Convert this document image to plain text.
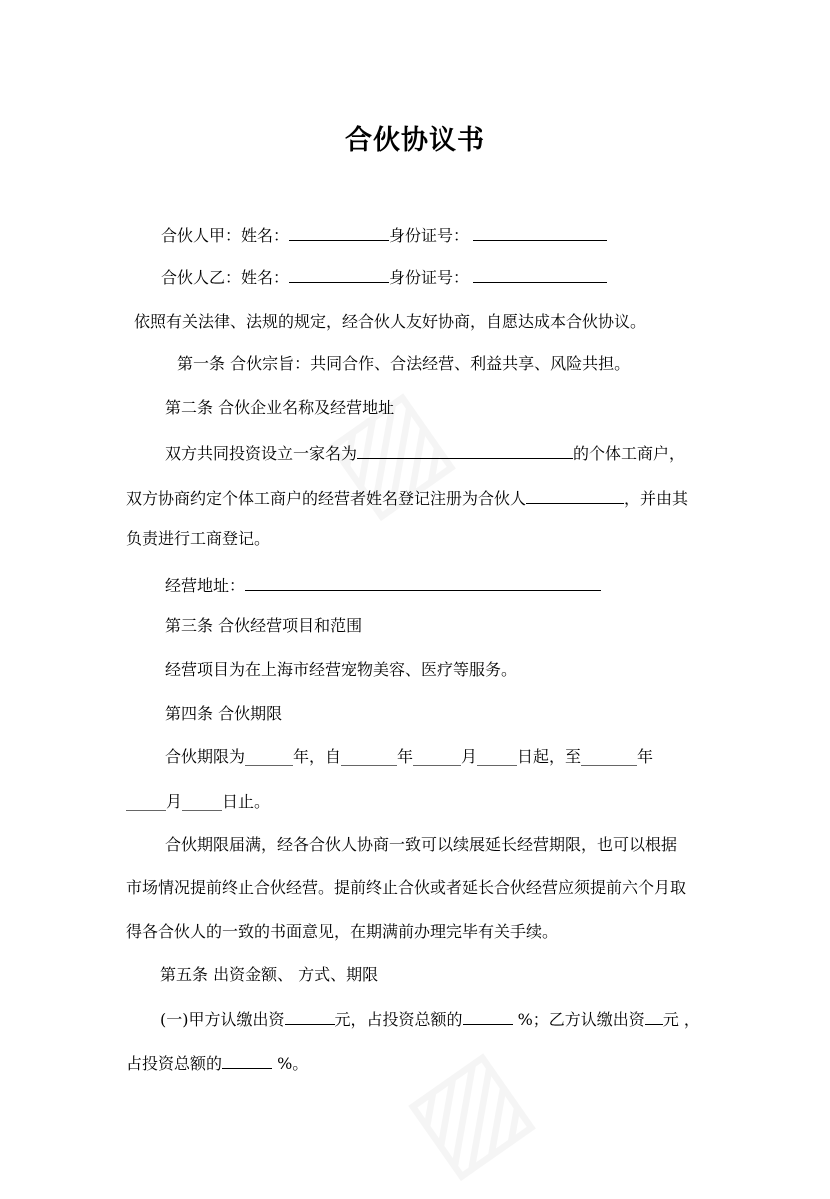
合伙协议书
合伙人甲：姓名：	身份证号：
合伙人乙：姓名：	身份证号：
依照有关法律、法规的规定，经合伙人友好协商，自愿达成本合伙协议。
第一条 合伙宗旨：共同合作、合法经营、利益共享、风险共担。
第二条 合伙企业名称及经营地址
双方共同投资设立一家名为	的个体工商户，
双方协商约定个体工商户的经营者姓名登记注册为合伙人	，并由其
负责进行工商登记。
经营地址：
第三条 合伙经营项目和范围
经营项目为在上海市经营宠物美容、医疗等服务。
第四条 合伙期限
合伙期限为______年，自_______年______月_____日起，至_______年
_____月_____日止。
合伙期限届满，经各合伙人协商一致可以续展延长经营期限，也可以根据
市场情况提前终止合伙经营。提前终止合伙或者延长合伙经营应须提前六个月取
得各合伙人的一致的书面意见，在期满前办理完毕有关手续。
第五条 出资金额、 方式、期限
(一)甲方认缴出资	元，占投资总额的	%；乙方认缴出资 元 ，
占投资总额的	%。
